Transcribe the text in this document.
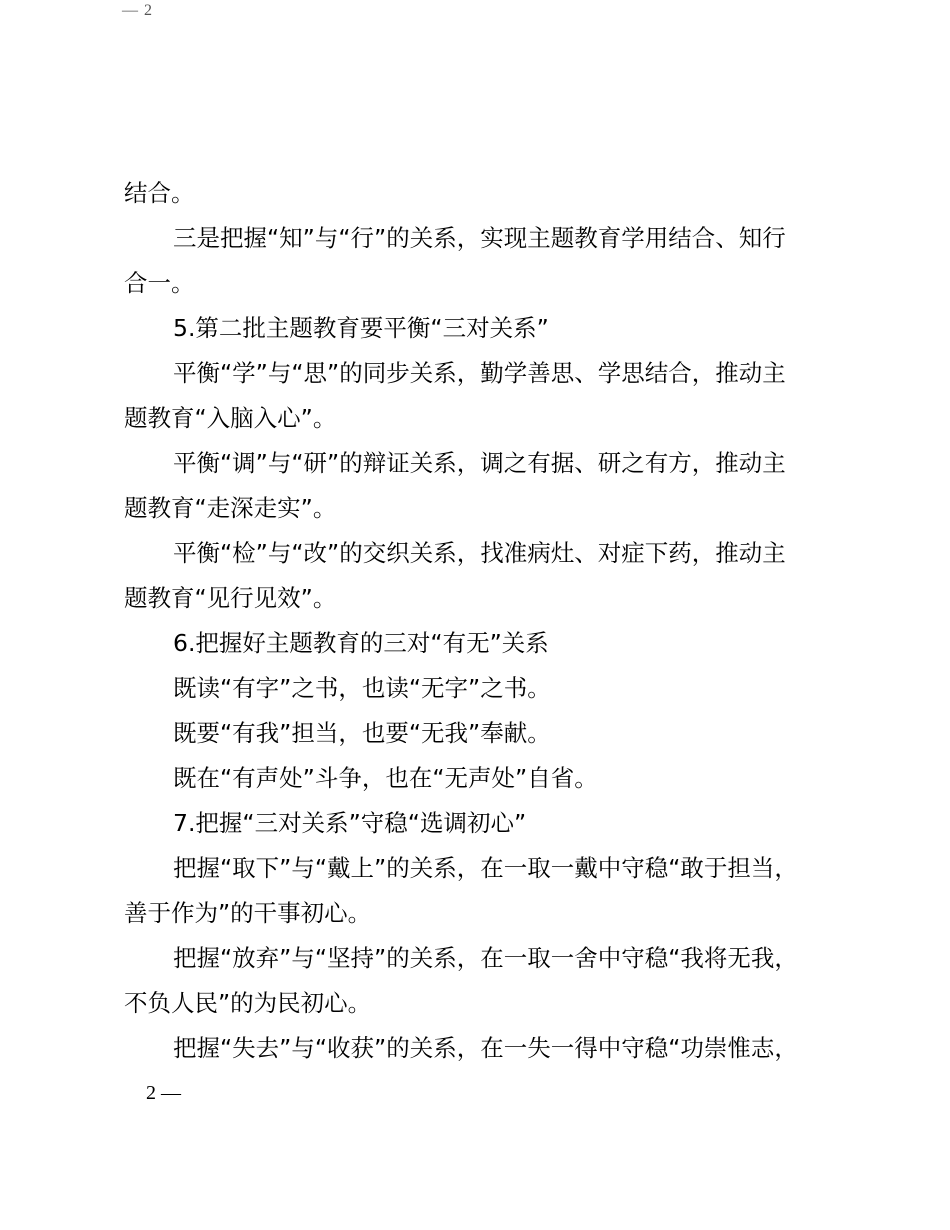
— 2
结合。
三是把握“知”与“行”的关系，实现主题教育学用结合、知行
合一。
5.第二批主题教育要平衡“三对关系”
平衡“学”与“思”的同步关系，勤学善思、学思结合，推动主
题教育“入脑入心”。
平衡“调”与“研”的辩证关系，调之有据、研之有方，推动主
题教育“走深走实”。
平衡“检”与“改”的交织关系，找准病灶、对症下药，推动主
题教育“见行见效”。
6.把握好主题教育的三对“有无”关系
既读“有字”之书，也读“无字”之书。
既要“有我”担当，也要“无我”奉献。
既在“有声处”斗争，也在“无声处”自省。
7.把握“三对关系”守稳“选调初心”
把握“取下”与“戴上”的关系，在一取一戴中守稳“敢于担当，
善于作为”的干事初心。
把握“放弃”与“坚持”的关系，在一取一舍中守稳“我将无我，
不负人民”的为民初心。
把握“失去”与“收获”的关系，在一失一得中守稳“功崇惟志，
2 —
